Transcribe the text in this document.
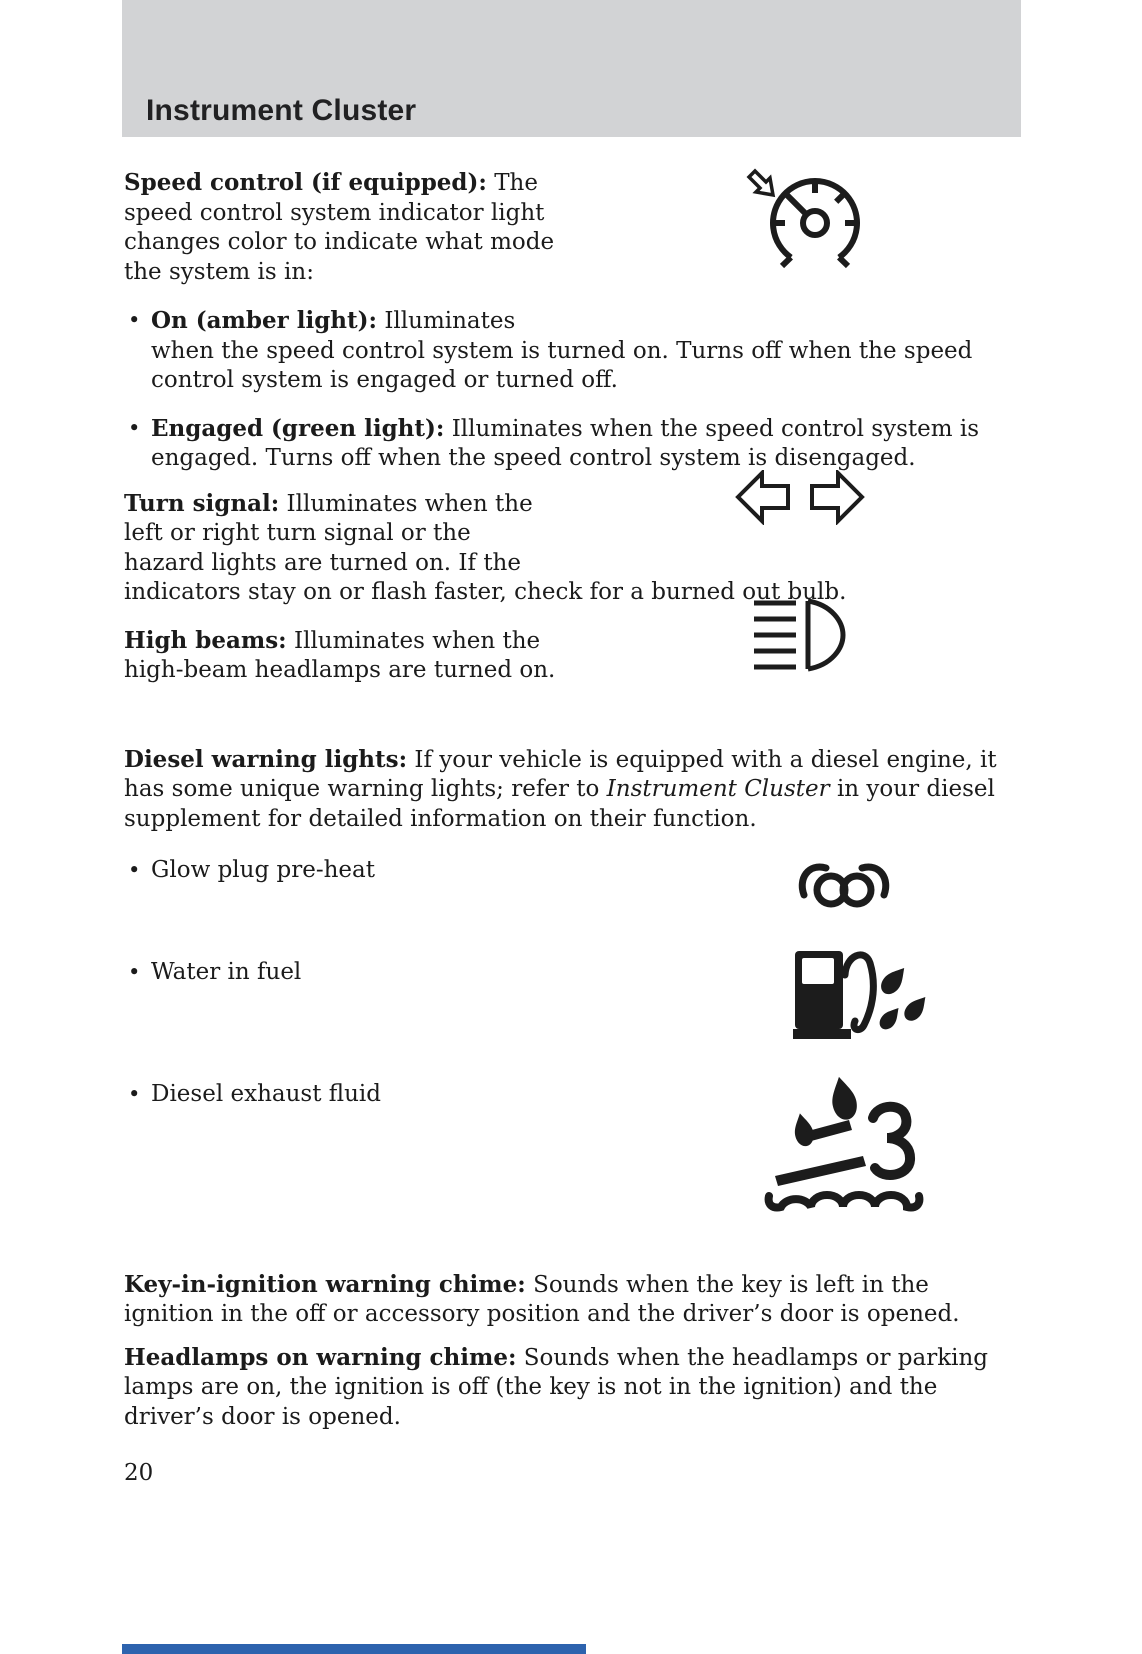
Instrument Cluster

Speed control (if equipped): The speed control system indicator light changes color to indicate what mode the system is in:

• On (amber light): Illuminates when the speed control system is turned on. Turns off when the speed control system is engaged or turned off.
• Engaged (green light): Illuminates when the speed control system is engaged. Turns off when the speed control system is disengaged.

Turn signal: Illuminates when the left or right turn signal or the hazard lights are turned on. If the indicators stay on or flash faster, check for a burned out bulb.

High beams: Illuminates when the high-beam headlamps are turned on.

Diesel warning lights: If your vehicle is equipped with a diesel engine, it has some unique warning lights; refer to Instrument Cluster in your diesel supplement for detailed information on their function.

• Glow plug pre-heat
• Water in fuel
• Diesel exhaust fluid

Key-in-ignition warning chime: Sounds when the key is left in the ignition in the off or accessory position and the driver’s door is opened.

Headlamps on warning chime: Sounds when the headlamps or parking lamps are on, the ignition is off (the key is not in the ignition) and the driver’s door is opened.

20
